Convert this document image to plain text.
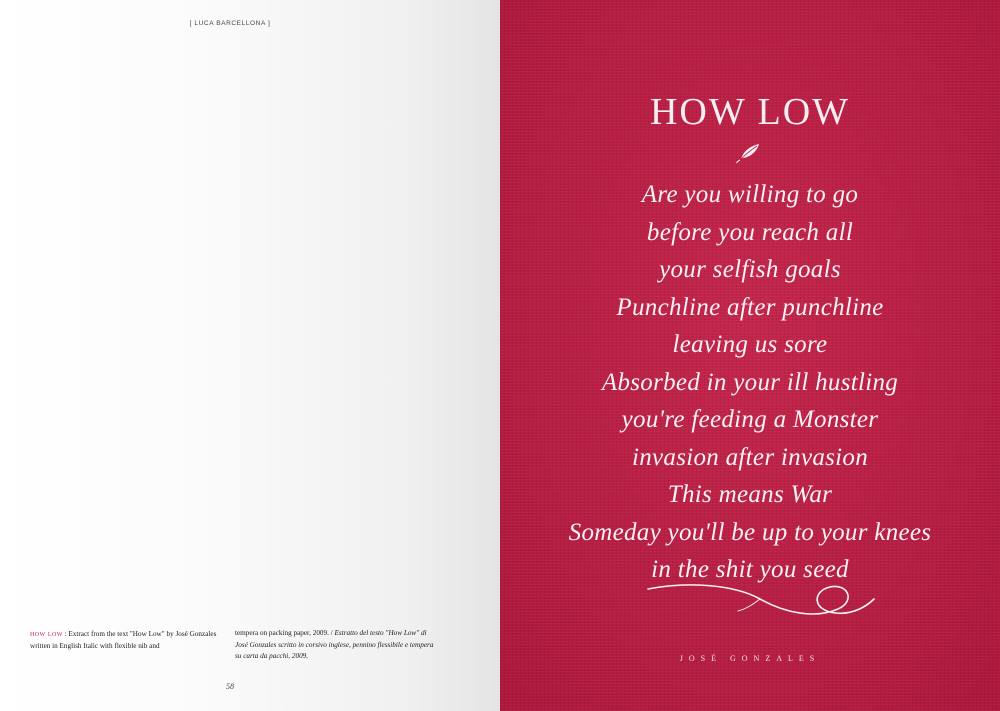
[ LUCA BARCELLONA ]
how low : Extract from the text "How Low" by José Gonzales written in English Italic with flexible nib and
tempera on packing paper, 2009. / Estratto del testo "How Low" di José Gonzales scritto in corsivo inglese, pennino flessibile e tempera su carta da pacchi, 2009.
58
HOW LOW
Are you willing to go
before you reach all
your selfish goals
Punchline after punchline
leaving us sore
Absorbed in your ill hustling
you're feeding a Monster
invasion after invasion
This means War
Someday you'll be up to your knees
in the shit you seed
JOSÉ GONZALES
